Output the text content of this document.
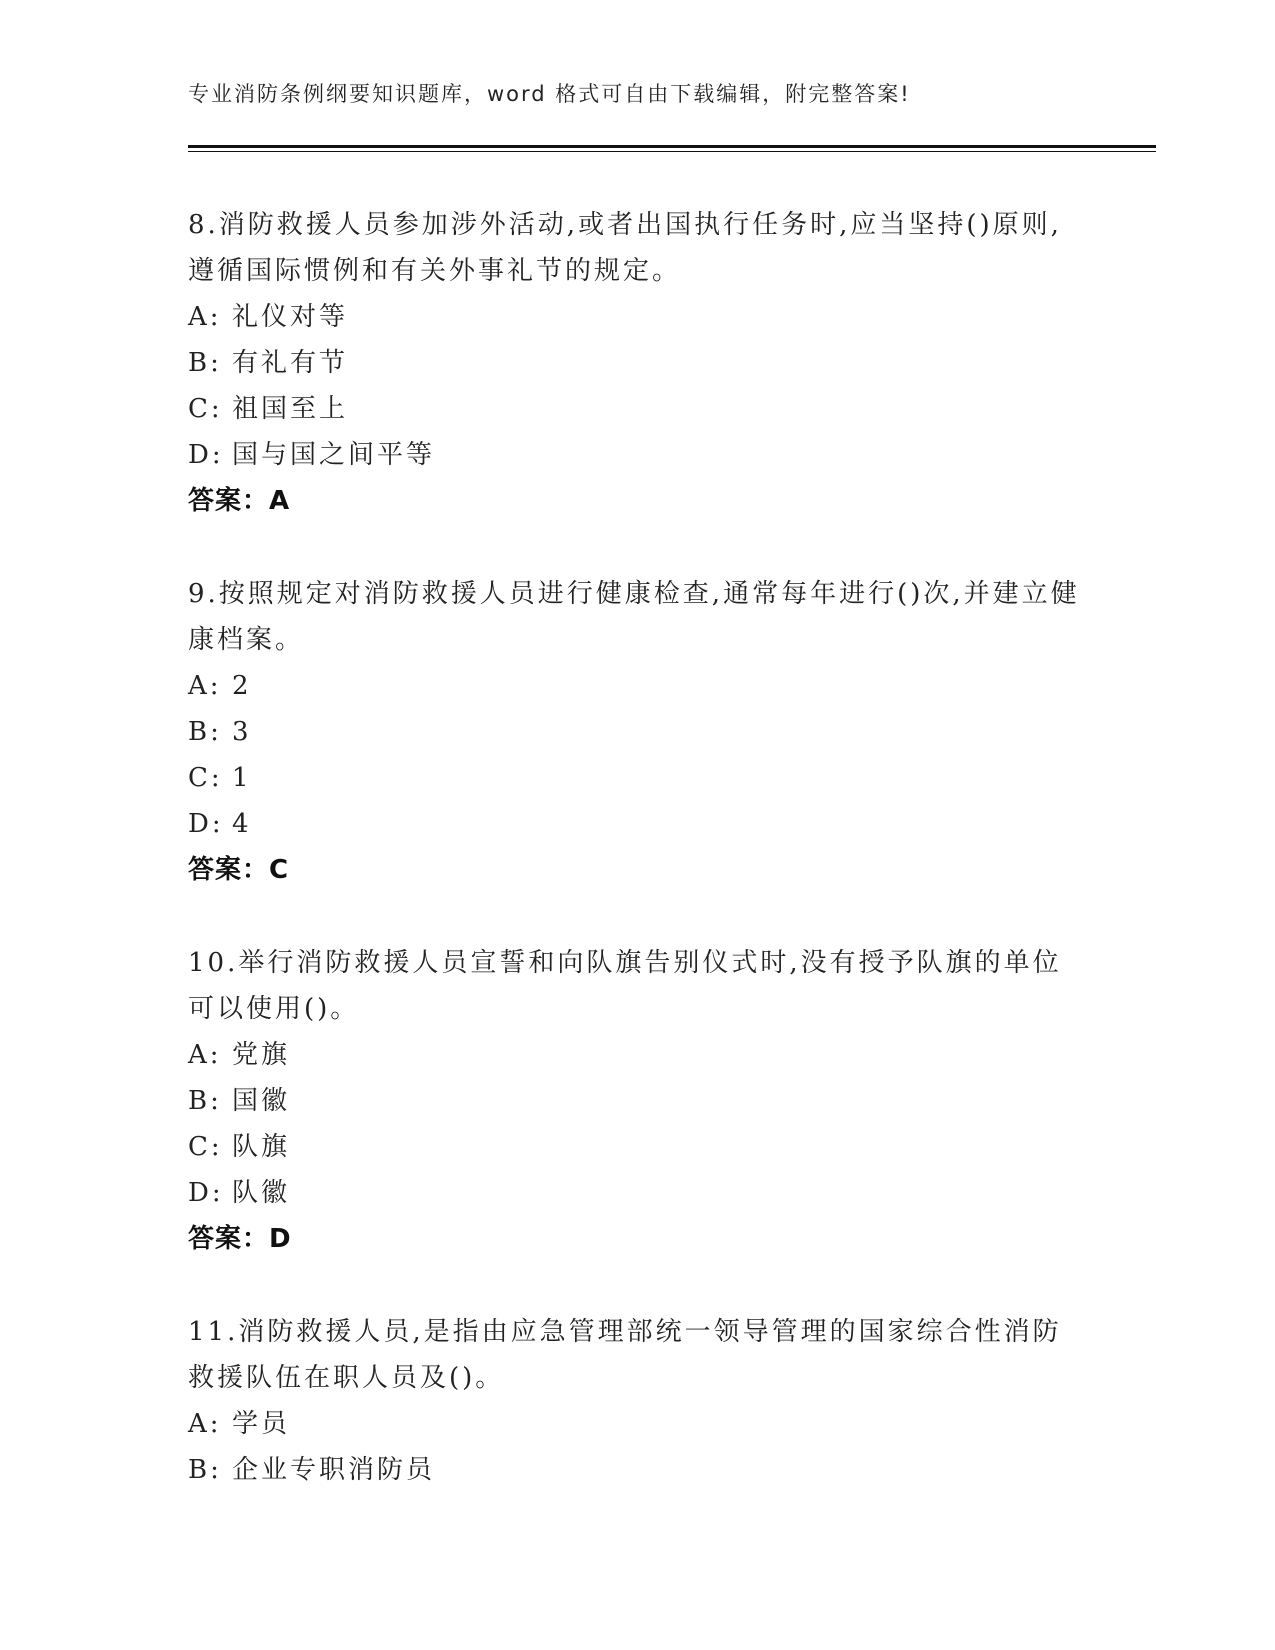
专业消防条例纲要知识题库，word 格式可自由下载编辑，附完整答案!

8.消防救援人员参加涉外活动,或者出国执行任务时,应当坚持()原则,遵循国际惯例和有关外事礼节的规定。

A: 礼仪对等
B: 有礼有节
C: 祖国至上
D: 国与国之间平等
答案：A

9.按照规定对消防救援人员进行健康检查,通常每年进行()次,并建立健康档案。

A: 2
B: 3
C: 1
D: 4
答案：C

10.举行消防救援人员宣誓和向队旗告别仪式时,没有授予队旗的单位可以使用()。

A: 党旗
B: 国徽
C: 队旗
D: 队徽
答案：D

11.消防救援人员,是指由应急管理部统一领导管理的国家综合性消防救援队伍在职人员及()。

A: 学员
B: 企业专职消防员
